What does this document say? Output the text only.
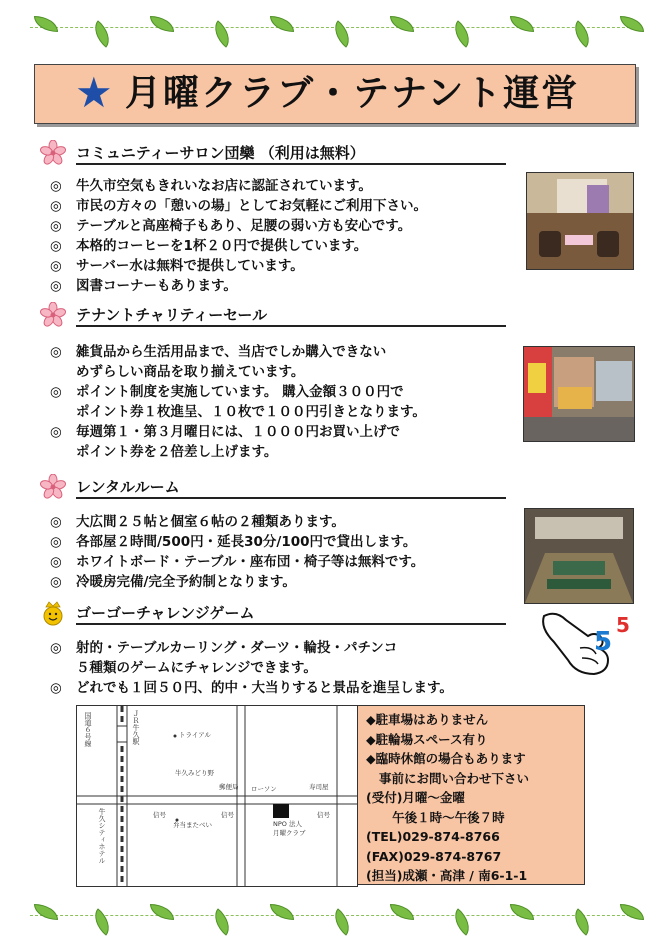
★ 月曜クラブ・テナント運営
コミュニティーサロン団欒 （利用は無料）
◎	牛久市空気もきれいなお店に認証されています。
◎	市民の方々の「憩いの場」としてお気軽にご利用下さい。
◎	テーブルと高座椅子もあり、足腰の弱い方も安心です。
◎	本格的コーヒーを1杯２０円で提供しています。
◎	サーバー水は無料で提供しています。
◎	図書コーナーもあります。
テナントチャリティーセール
◎	雑貨品から生活用品まで、当店でしか購入できない
めずらしい商品を取り揃えています。
◎	ポイント制度を実施しています。 購入金額３００円で
ポイント券１枚進呈、１０枚で１００円引きとなります。
◎	毎週第１・第３月曜日には、１０００円お買い上げで
ポイント券を２倍差し上げます。
レンタルルーム
◎	大広間２５帖と個室６帖の２種類あります。
◎	各部屋２時間/500円・延長30分/100円で貸出します。
◎	ホワイトボード・テーブル・座布団・椅子等は無料です。
◎	冷暖房完備/完全予約制となります。
ゴーゴーチャレンジゲーム
◎	射的・テーブルカーリング・ダーツ・輪投・パチンコ
５種類のゲームにチャレンジできます。
◎	どれでも１回５０円、的中・大当りすると景品を進呈します。
5
5
国道６号線	ＪＲ牛久駅	トライアル
牛久みどり野
郵便局 ローソン	寿司屋
信号	信号	信号
弁当またべい	NPO 法人
月曜クラブ
牛久シティホテル
◆駐車場はありません
◆駐輪場スペース有り
◆臨時休館の場合もあります
事前にお問い合わせ下さい
(受付)月曜～金曜
午後１時～午後７時
(TEL)029-874-8766
(FAX)029-874-8767
(担当)成瀬・高津 / 南6-1-1
